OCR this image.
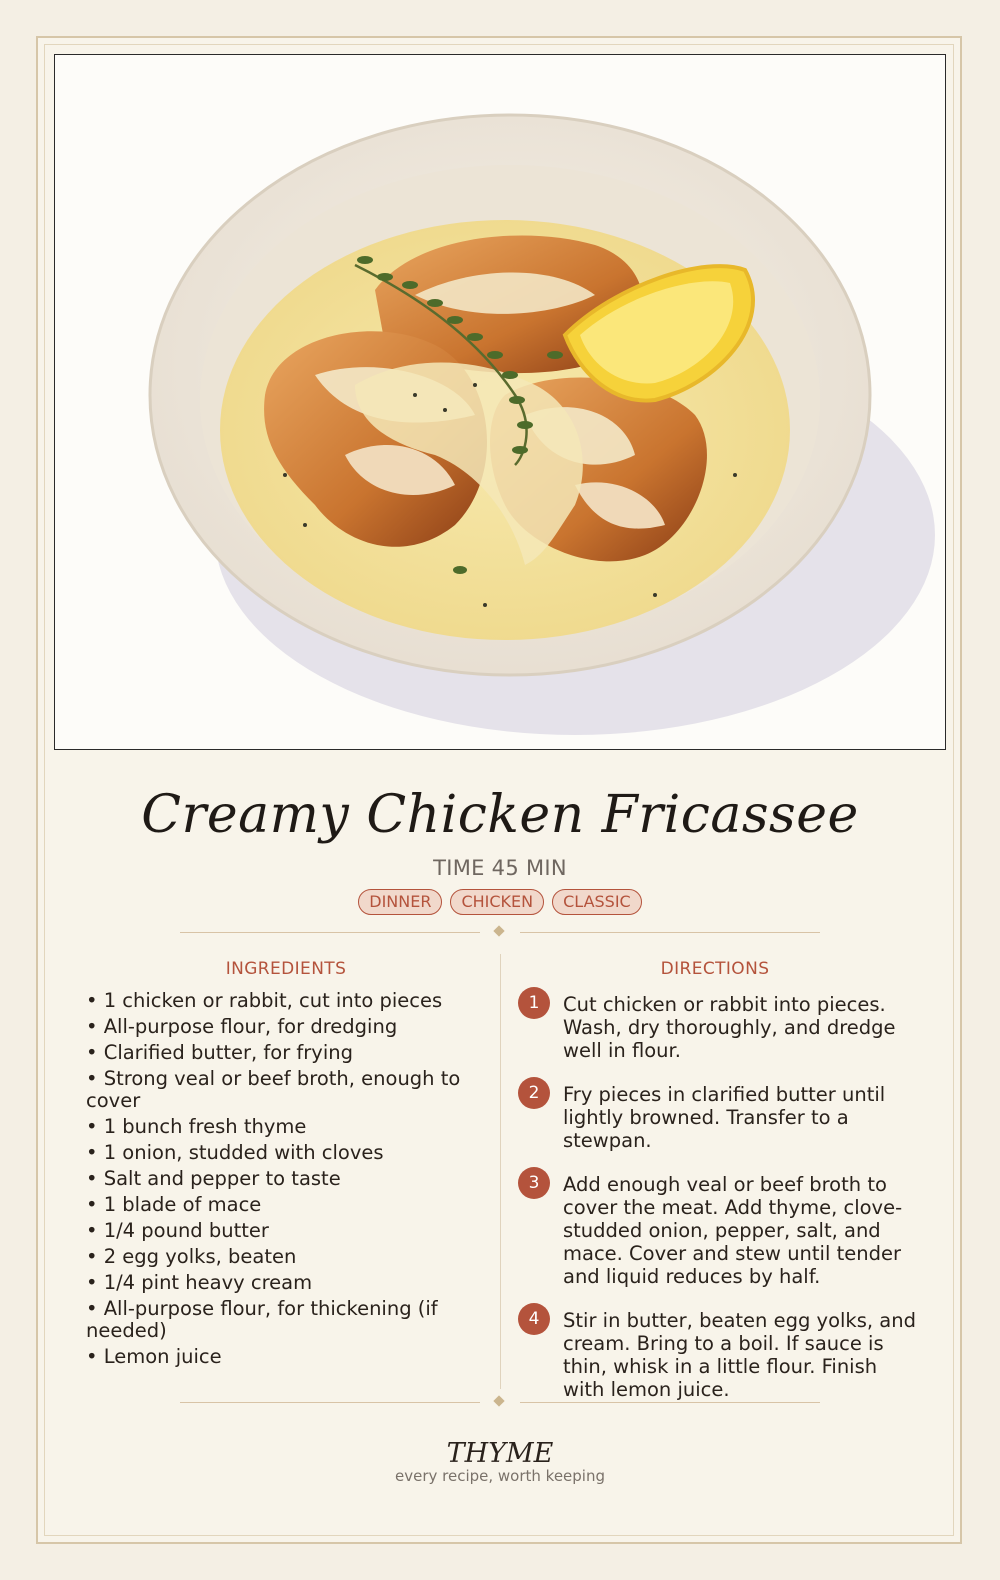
Creamy Chicken Fricassee
TIME 45 MIN
DINNER	CHICKEN	CLASSIC
INGREDIENTS	DIRECTIONS
• 1 chicken or rabbit, cut into pieces
• All-purpose flour, for dredging
• Clarified butter, for frying
• Strong veal or beef broth, enough to cover
• 1 bunch fresh thyme
• 1 onion, studded with cloves
• Salt and pepper to taste
• 1 blade of mace
• 1/4 pound butter
• 2 egg yolks, beaten
• 1/4 pint heavy cream
• All-purpose flour, for thickening (if needed)
• Lemon juice
1	Cut chicken or rabbit into pieces. Wash, dry thoroughly, and dredge well in flour.
2	Fry pieces in clarified butter until lightly browned. Transfer to a stewpan.
3	Add enough veal or beef broth to cover the meat. Add thyme, clove-studded onion, pepper, salt, and mace. Cover and stew until tender and liquid reduces by half.
4	Stir in butter, beaten egg yolks, and cream. Bring to a boil. If sauce is thin, whisk in a little flour. Finish with lemon juice.
THYME
every recipe, worth keeping
